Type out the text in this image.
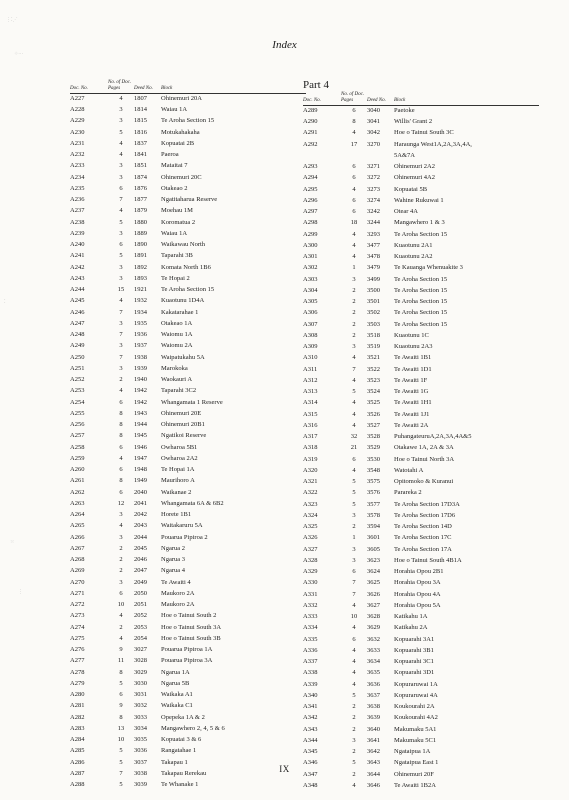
⋮⁚⋰
⁘⋯
⁚
⁙
⋮
Index
Part 4
Doc. No.	No. of Doc. Pages	Deed No.	Block
A227	4	1807	Ohinemuri 20A
A228	3	1814	Waiau 1A
A229	3	1815	Te Aroha Section 15
A230	5	1816	Motukahakaha
A231	4	1837	Kopuatai 2B
A232	4	1841	Paeroa
A233	3	1851	Mataitai 7
A234	3	1874	Ohinemuri 20C
A235	6	1876	Otakeao 2
A236	7	1877	Ngatitaharua Reserve
A237	4	1879	Moehau 1M
A238	5	1880	Koromatua 2
A239	3	1889	Waiau 1A
A240	6	1890	Waikawau North
A241	5	1891	Taparahi 3B
A242	3	1892	Komata North 1B6
A243	3	1893	Te Hopai 2
A244	15	1921	Te Aroha Section 15
A245	4	1932	Kuaotunu 1D4A
A246	7	1934	Kakatarahae 1
A247	3	1935	Otakeao 1A
A248	7	1936	Waiomu 1A
A249	3	1937	Waiomu 2A
A250	7	1938	Waipatukahu 5A
A251	3	1939	Marokoka
A252	2	1940	Waokauri A
A253	4	1942	Taparahi 3C2
A254	6	1942	Whangamata 1 Reserve
A255	8	1943	Ohinemuri 20E
A256	8	1944	Ohinemuri 20B1
A257	8	1945	Ngatikoi Reserve
A258	6	1946	Owharoa 5B1
A259	4	1947	Owharoa 2A2
A260	6	1948	Te Hopai 1A
A261	8	1949	Maurihoro A
A262	6	2040	Waikanae 2
A263	12	2041	Whangamata 6A & 6B2
A264	3	2042	Horete 1B1
A265	4	2043	Waitakaruru 5A
A266	3	2044	Pouarua Pipiroa 2
A267	2	2045	Ngarua 2
A268	2	2046	Ngarua 3
A269	2	2047	Ngarua 4
A270	3	2049	Te Awaiti 4
A271	6	2050	Maukoro 2A
A272	10	2051	Maukoro 2A
A273	4	2052	Hoe o Tainui South 2
A274	2	2053	Hoe o Tainui South 3A
A275	4	2054	Hoe o Tainui South 3B
A276	9	3027	Pouarua Pipiroa 1A
A277	11	3028	Pouarua Pipiroa 3A
A278	8	3029	Ngarua 1A
A279	5	3030	Ngarua 5B
A280	6	3031	Waikaka A1
A281	9	3032	Waikaka C1
A282	8	3033	Opepeka 1A & 2
A283	13	3034	Mangawhero 2, 4, 5 & 6
A284	10	3035	Kopuatai 3 & 6
A285	5	3036	Rangatahae 1
A286	5	3037	Takapau 1
A287	7	3038	Takapau Rerekau
A288	5	3039	Te Whanake 1
Doc. No.	No. of Doc. Pages	Deed No.	Block
A289	6	3040	Paetoke
A290	8	3041	Willis' Grant 2
A291	4	3042	Hoe o Tainui South 3C
A292	17	3270	Haraunga West1A,2A,3A,4A,
			5A&7A
A293	6	3271	Ohinemuri 2A2
A294	6	3272	Ohinemuri 4A2
A295	4	3273	Kopuatai 5B
A296	6	3274	Wahine Rukuwai 1
A297	6	3242	Otear 4A
A298	18	3244	Mangawhero 1 & 3
A299	4	3293	Te Aroha Section 15
A300	4	3477	Kuaotunu 2A1
A301	4	3478	Kuaotunu 2A2
A302	1	3479	Te Kauanga Whenuakite 3
A303	3	3499	Te Aroha Section 15
A304	2	3500	Te Aroha Section 15
A305	2	3501	Te Aroha Section 15
A306	2	3502	Te Aroha Section 15
A307	2	3503	Te Aroha Section 15
A308	2	3518	Kuaotunu 1C
A309	3	3519	Kuaotunu 2A3
A310	4	3521	Te Awaiti 1B1
A311	7	3522	Te Awaiti 1D1
A312	4	3523	Te Awaiti 1F
A313	5	3524	Te Awaiti 1G
A314	4	3525	Te Awaiti 1H1
A315	4	3526	Te Awaiti 1J1
A316	4	3527	Te Awaiti 2A
A317	32	3528	PuhangateuruA,2A,3A,4A&5
A318	21	3529	Otakawe 1A, 2A & 3A
A319	6	3530	Hoe o Tainui North 3A
A320	4	3548	Watotahi A
A321	5	3575	Opitomoko & Kuranui
A322	5	3576	Parareka 2
A323	5	3577	Te Aroha Section 17D3A
A324	3	3578	Te Aroha Section 17D6
A325	2	3594	Te Aroha Section 14D
A326	1	3601	Te Aroha Section 17C
A327	3	3605	Te Aroha Section 17A
A328	3	3623	Hoe o Tainui South 4B1A
A329	6	3624	Horahia Opou 2B1
A330	7	3625	Horahia Opou 3A
A331	7	3626	Horahia Opou 4A
A332	4	3627	Horahia Opou 5A
A333	10	3628	Katikahu 1A
A334	4	3629	Katikahu 2A
A335	6	3632	Kopuarahi 3A1
A336	4	3633	Kopuarahi 3B1
A337	4	3634	Kopuarahi 3C1
A338	4	3635	Kopuarahi 3D1
A339	4	3636	Kopuraruwai 1A
A340	5	3637	Kopuraruwai 4A
A341	2	3638	Koukourahi 2A
A342	2	3639	Koukourahi 4A2
A343	2	3640	Makumaku 5A1
A344	3	3641	Makumaku 5C1
A345	2	3642	Ngataipua 1A
A346	5	3643	Ngataipua East 1
A347	2	3644	Ohinemuri 20F
A348	4	3646	Te Awaiti 1B2A
IX
